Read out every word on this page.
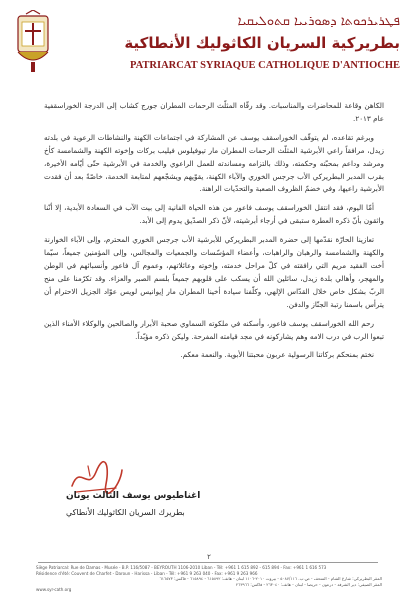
ܦܛܪܝܪܟܘܬܐ ܕܣܘܪܝܝܐ ܩܬܘܠܝܩܝܐ
بطريركية السريان الكاثوليك الأنطاكية
PATRIARCAT SYRIAQUE CATHOLIQUE D'ANTIOCHE

الكاهن وقاعة للمحاضرات والمناسبات. وقد رقّاه المثلّث الرحمات المطران جورج كشاب إلى الدرجة الخوراسقفية عام ٢٠١٣.

وبرغم تقاعده، لم يتوقّف الخوراسقف يوسف عن المشاركة في اجتماعات الكهنة والنشاطات الرعوية في بلدته زيدل، مرافقاً راعي الأبرشية المثلّث الرحمات المطران مار تيوفيلوس فيليب بركات وإخوته الكهنة والشمامسة كأخ ومرشد وداعم بمحبّته وحكمته، وذلك بالتزامه ومساندته للعمل الراعوي والخدمة في الأبرشية حتّى أيّامه الأخيرة، بقرب المدبر البطريركي الأب جرجس الخوري والآباء الكهنة، يقوّيهم ويشجّعهم لمتابعة الخدمة، خاصّةً بعد أن فقدت الأبرشية راعيها، وفي خضمّ الظروف الصعبة والتحدّيات الراهنة.

أمّا اليوم، فقد انتقل الخوراسقف يوسف فاعور من هذه الحياة الفانية إلى بيت الآب في السعادة الأبدية، إلا أنّنا واثقون بأنّ ذكره العطرة ستبقى في أرجاء أبرشيته، لأنّ ذكر الصدّيق يدوم إلى الأبد.

تعازينا الحارّة نقدّمها إلى حضرة المدبر البطريركي للأبرشية الأب جرجس الخوري المحترم، وإلى الآباء الخوارنة والكهنة والشمامسة والرهبان والراهبات، وأعضاء المؤسّسات والجمعيات والمجالس، وإلى المؤمنين جميعاً، سيّما أخت الفقيد مريم التي رافقته في كلّ مراحل خدمته، وإخوته وعائلاتهم، وعموم آل فاعور وأنسبائهم في الوطن والمهجر، وأهالي بلدة زيدل، سائلين الله أن يسكب على قلوبهم جميعاً بلسم الصبر والعزاء. وقد تكرّمنا على منح الربّ بشكل خاص خلال القدّاس الإلهي، وكلّفنا سيادة أخينا المطران مار إيوانيس لويس عوّاد الجزيل الاحترام أن يترأس باسمنا رتبة الجنّاز والدفن.

رحم الله الخوراسقف يوسف فاعور، وأسكنه في ملكوته السماوي صحبة الأبرار والصالحين والوكلاء الأمناء الذين تبعوا الرب في درب الامه وهم يشاركونه في مجد قيامته المفرحة. وليكن ذكره مؤبّداً.

نختم بمنحكم بركاتنا الرسولية عربون محبتنا الأبوية. والنعمة معكم.

اغناطيوس يوسف الثالث يونان
بطريرك السريان الكاثوليك الأنطاكي
٢
Siège Patriarcal: Rue de Damas - Musée - B.P. 116/5087 - BEYROUTH 1106-2010 Liban - Tél: +961 1 615 892 - 615 894 - Fax: +961 1 616 573
Résidence d'été: Couvent de Charfet - Daroun - Harissa - Liban - Tél: +961 9 263 040 - Fax: +961 9 263 966
المقر البطريركي: شارع الشام - المتحف - ص.ب. ٥٠٨٧/١١٦ - بيروت ٢٠١٠-١١٠٦ لبنان - هاتف: ٦١٥٨٩٢ - ٦١٥٨٩٤ - فاكس: ٦١٦٥٧٣
المقر الصيفي: دير الشرفة - درعون - حريصا - لبنان - هاتف: ٢٦٣٠٤٠ - فاكس: ٢٦٣٩٦٦
www.syr-cath.org
